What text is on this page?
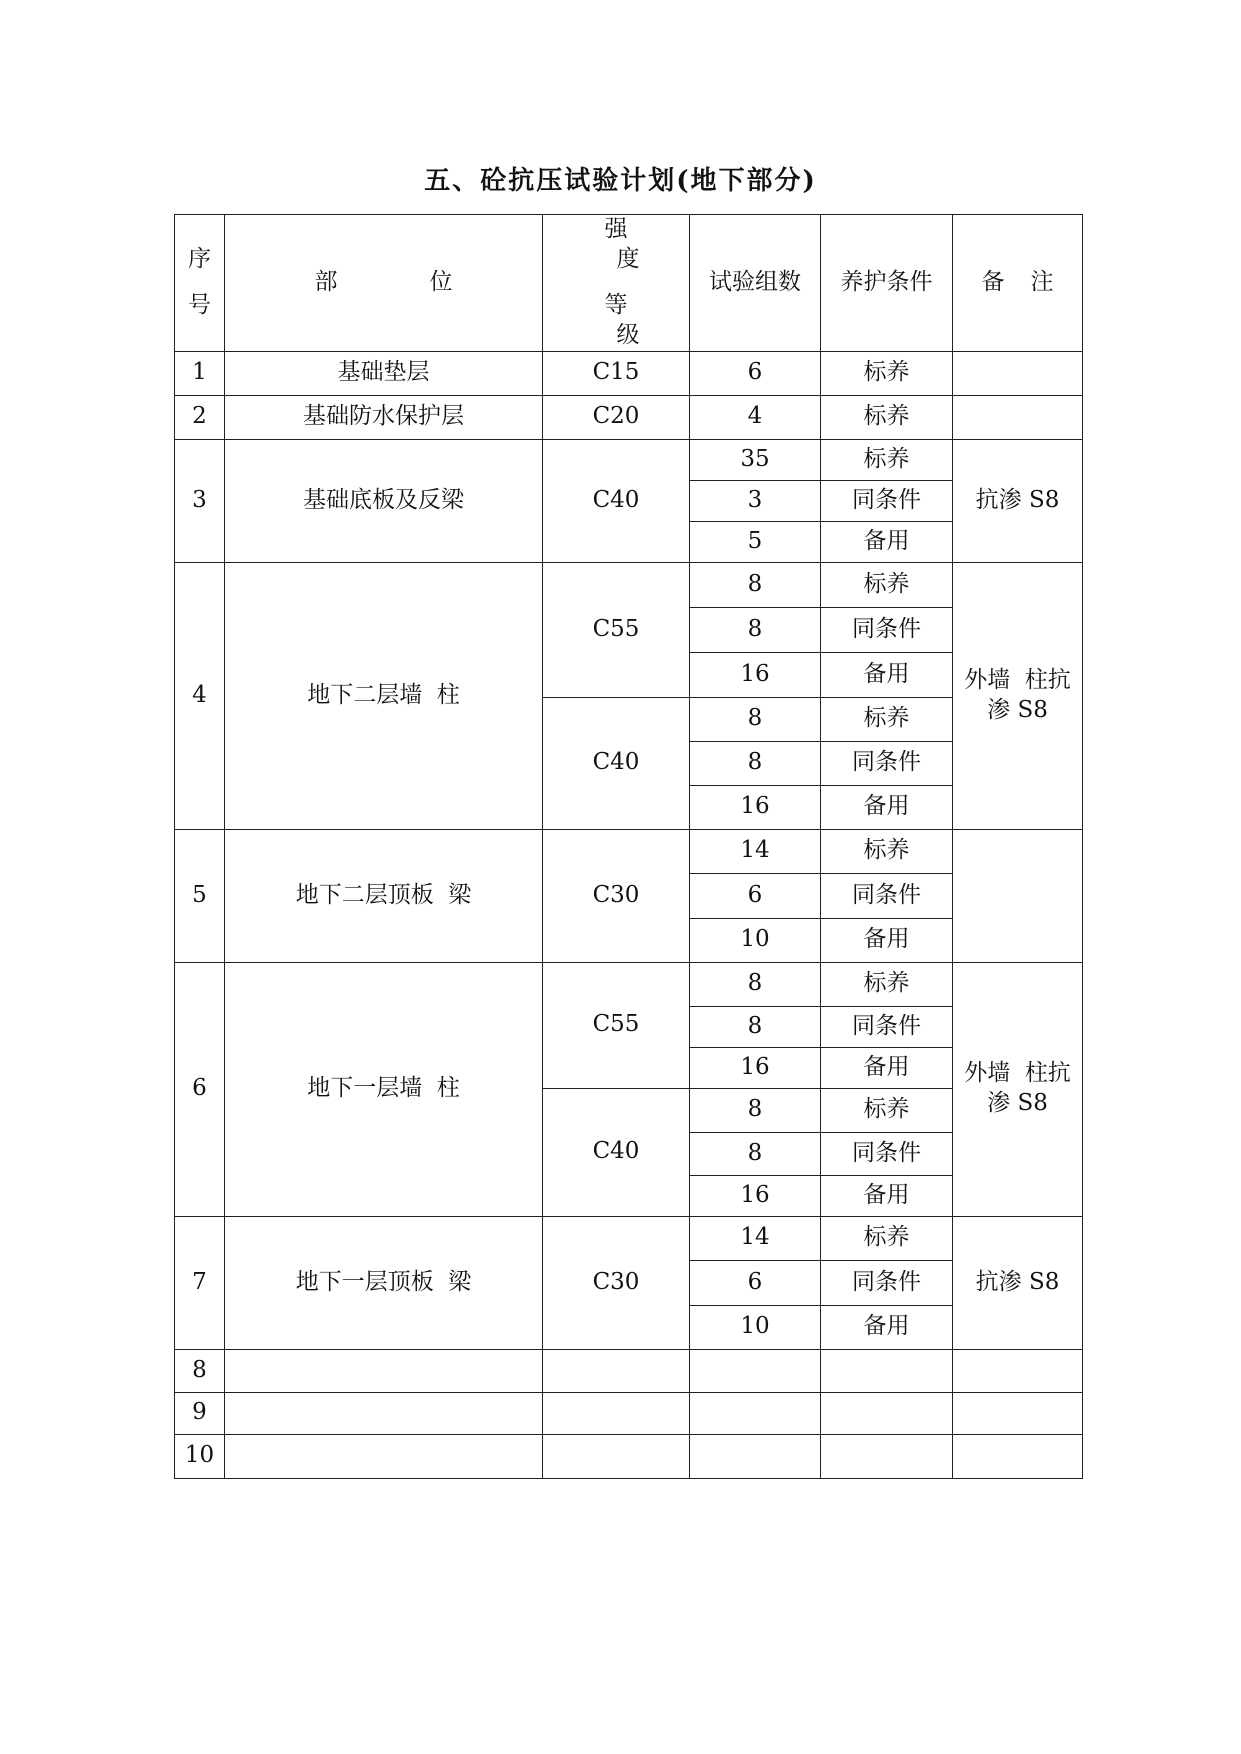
五、砼抗压试验计划(地下部分)
序
号	部 位	强
度
等
级	试验组数	养护条件	备 注

1	基础垫层	C15	6	标养	
2	基础防水保护层	C20	4	标养	
3	基础底板及反梁	C40	35	标养	抗渗 S8
			3	同条件	
			5	备用	
4	地下二层墙  柱	C55	8	标养	外墙  柱抗渗 S8
			8	同条件	
			16	备用	
		C40	8	标养	
			8	同条件	
			16	备用	
5	地下二层顶板  梁	C30	14	标养	
			6	同条件	
			10	备用	
6	地下一层墙  柱	C55	8	标养	外墙  柱抗渗 S8
			8	同条件	
			16	备用	
		C40	8	标养	
			8	同条件	
			16	备用	
7	地下一层顶板  梁	C30	14	标养	抗渗 S8
			6	同条件	
			10	备用	
8					
9					
10					
